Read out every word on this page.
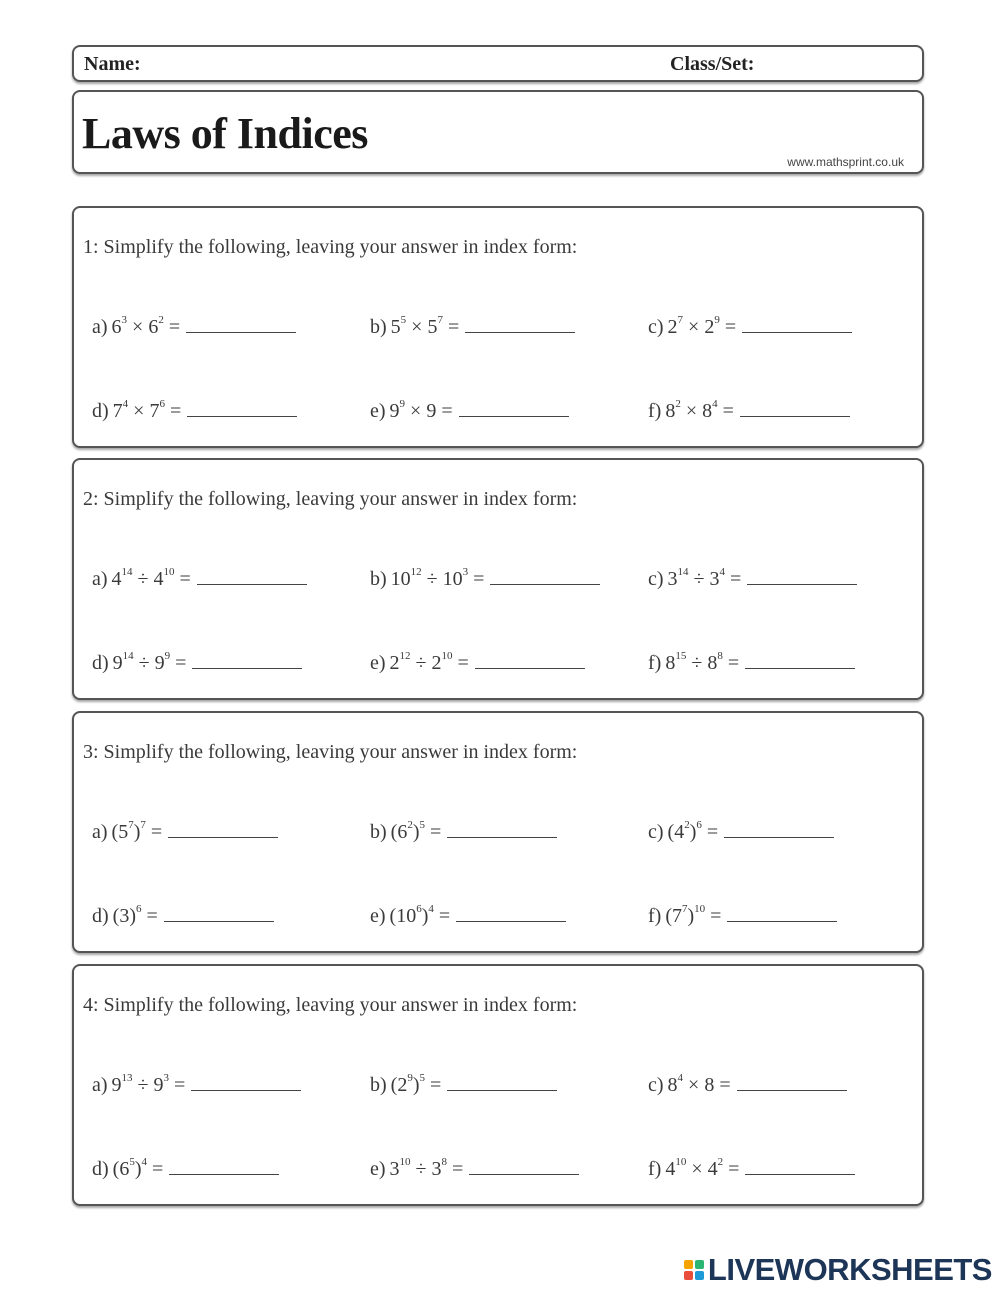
Name:	Class/Set:
Laws of Indices
www.mathsprint.co.uk
1: Simplify the following, leaving your answer in index form:
a) $6^3 \times 6^2$ =	b) $5^5 \times 5^7$ =	c) $2^7 \times 2^9$ =
d) $7^4 \times 7^6$ =	e) $9^9 \times 9$ =	f) $8^2 \times 8^4$ =
2: Simplify the following, leaving your answer in index form:
a) $4^{14} \div 4^{10}$ =	b) $10^{12} \div 10^3$ =	c) $3^{14} \div 3^4$ =
d) $9^{14} \div 9^9$ =	e) $2^{12} \div 2^{10}$ =	f) $8^{15} \div 8^8$ =
3: Simplify the following, leaving your answer in index form:
a) $(5^7)^7$ =	b) $(6^2)^5$ =	c) $(4^2)^6$ =
d) $(3)^6$ =	e) $(10^6)^4$ =	f) $(7^7)^{10}$ =
4: Simplify the following, leaving your answer in index form:
a) $9^{13} \div 9^3$ =	b) $(2^9)^5$ =	c) $8^4 \times 8$ =
d) $(6^5)^4$ =	e) $3^{10} \div 3^8$ =	f) $4^{10} \times 4^2$ =
LIVEWORKSHEETS
